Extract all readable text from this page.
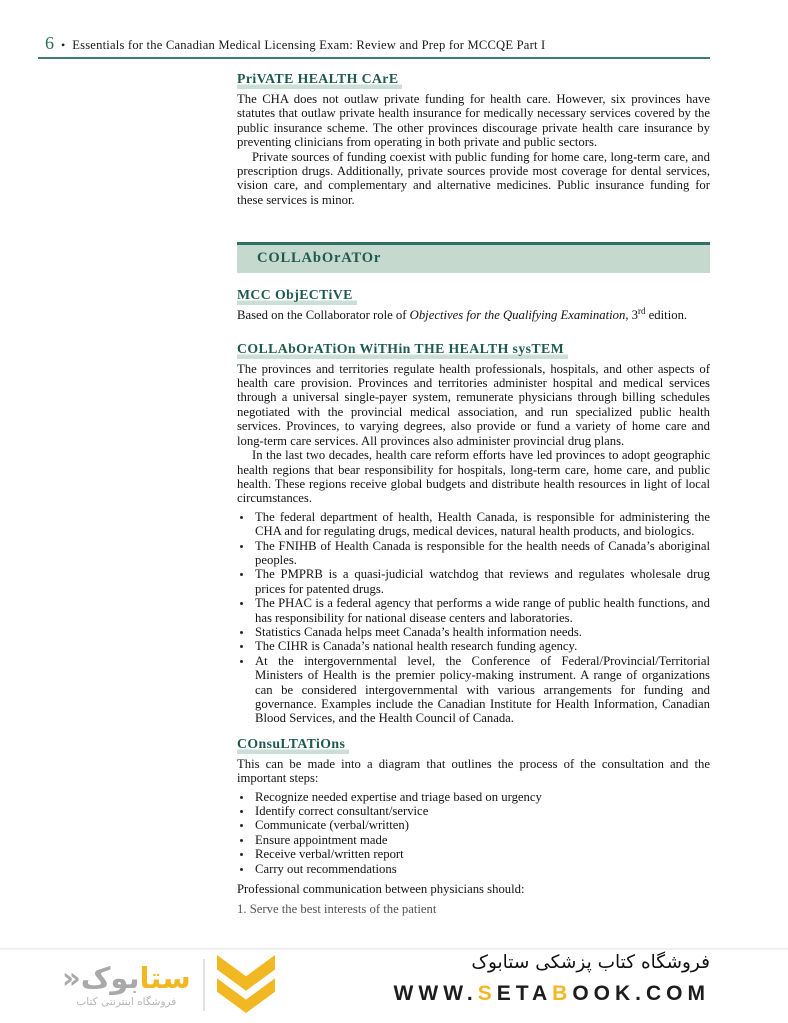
6 • Essentials for the Canadian Medical Licensing Exam: Review and Prep for MCCQE Part I
PriVATE HEALTH CArE

The CHA does not outlaw private funding for health care. However, six provinces have statutes that outlaw private health insurance for medically necessary services covered by the public insurance scheme. The other provinces discourage private health care insurance by preventing clinicians from operating in both private and public sectors.

Private sources of funding coexist with public funding for home care, long-term care, and prescription drugs. Additionally, private sources provide most coverage for dental services, vision care, and complementary and alternative medicines. Public insurance funding for these services is minor.

COLLAbOrATOr
MCC ObjECTiVE

Based on the Collaborator role of Objectives for the Qualifying Examination, 3rd edition.

COLLAbOrATiOn WiTHin THE HEALTH sysTEM

The provinces and territories regulate health professionals, hospitals, and other aspects of health care provision. Provinces and territories administer hospital and medical services through a universal single-payer system, remunerate physicians through billing schedules negotiated with the provincial medical association, and run specialized public health services. Provinces, to varying degrees, also provide or fund a variety of home care and long-term care services. All provinces also administer provincial drug plans.

In the last two decades, health care reform efforts have led provinces to adopt geographic health regions that bear responsibility for hospitals, long-term care, home care, and public health. These regions receive global budgets and distribute health resources in light of local circumstances.

• The federal department of health, Health Canada, is responsible for administering the CHA and for regulating drugs, medical devices, natural health products, and biologics.
• The FNIHB of Health Canada is responsible for the health needs of Canada’s aboriginal peoples.
• The PMPRB is a quasi-judicial watchdog that reviews and regulates wholesale drug prices for patented drugs.
• The PHAC is a federal agency that performs a wide range of public health functions, and has responsibility for national disease centers and laboratories.
• Statistics Canada helps meet Canada’s health information needs.
• The CIHR is Canada’s national health research funding agency.
• At the intergovernmental level, the Conference of Federal/Provincial/Territorial Ministers of Health is the premier policy-making instrument. A range of organizations can be considered intergovernmental with various arrangements for funding and governance. Examples include the Canadian Institute for Health Information, Canadian Blood Services, and the Health Council of Canada.
COnsuLTATiOns

This can be made into a diagram that outlines the process of the consultation and the important steps:

• Recognize needed expertise and triage based on urgency
• Identify correct consultant/service
• Communicate (verbal/written)
• Ensure appointment made
• Receive verbal/written report
• Carry out recommendations

Professional communication between physicians should:

1. Serve the best interests of the patient
ستابوک«
فروشگاه اینترنتی کتاب
فروشگاه کتاب پزشکی ستابوک
WWW.SETABOOK.COM
